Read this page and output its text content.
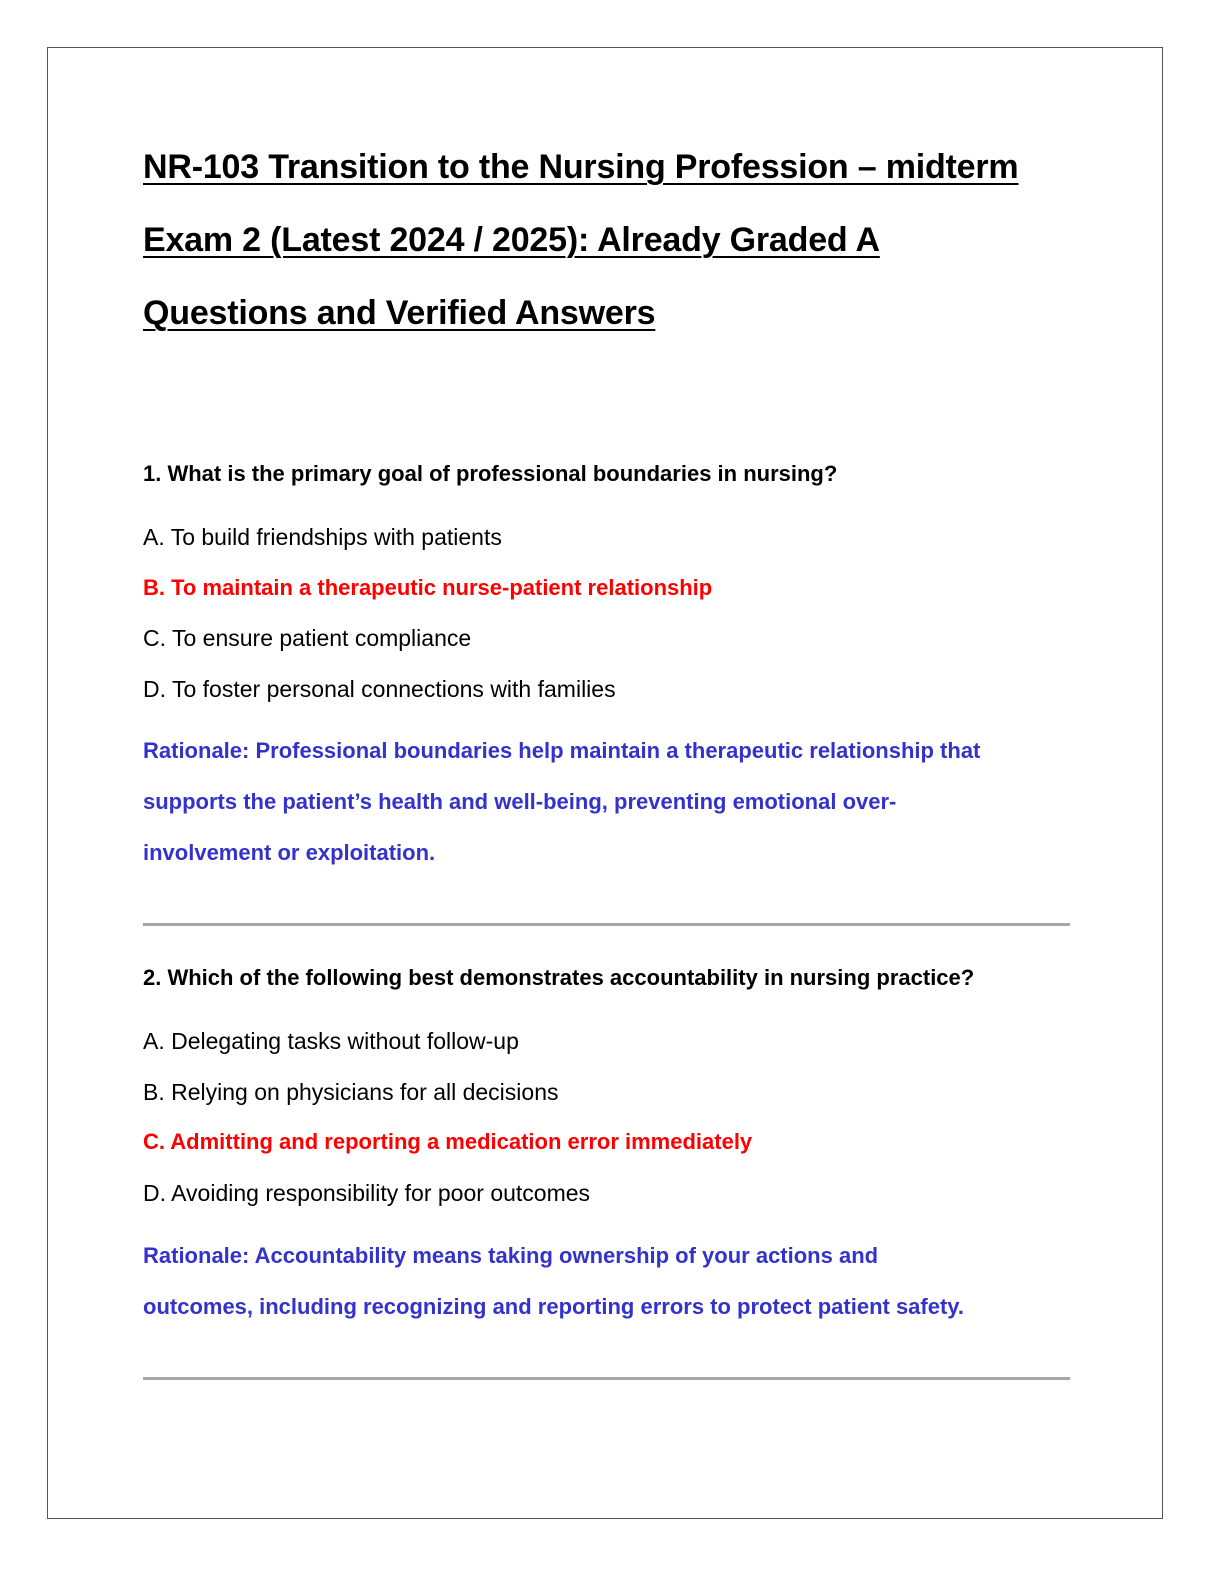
NR-103 Transition to the Nursing Profession – midterm
Exam 2 (Latest 2024 / 2025): Already Graded A
Questions and Verified Answers

1. What is the primary goal of professional boundaries in nursing?

A. To build friendships with patients

B. To maintain a therapeutic nurse-patient relationship

C. To ensure patient compliance

D. To foster personal connections with families

Rationale: Professional boundaries help maintain a therapeutic relationship that

supports the patient’s health and well-being, preventing emotional over-

involvement or exploitation.

2. Which of the following best demonstrates accountability in nursing practice?

A. Delegating tasks without follow-up

B. Relying on physicians for all decisions

C. Admitting and reporting a medication error immediately

D. Avoiding responsibility for poor outcomes

Rationale: Accountability means taking ownership of your actions and

outcomes, including recognizing and reporting errors to protect patient safety.
